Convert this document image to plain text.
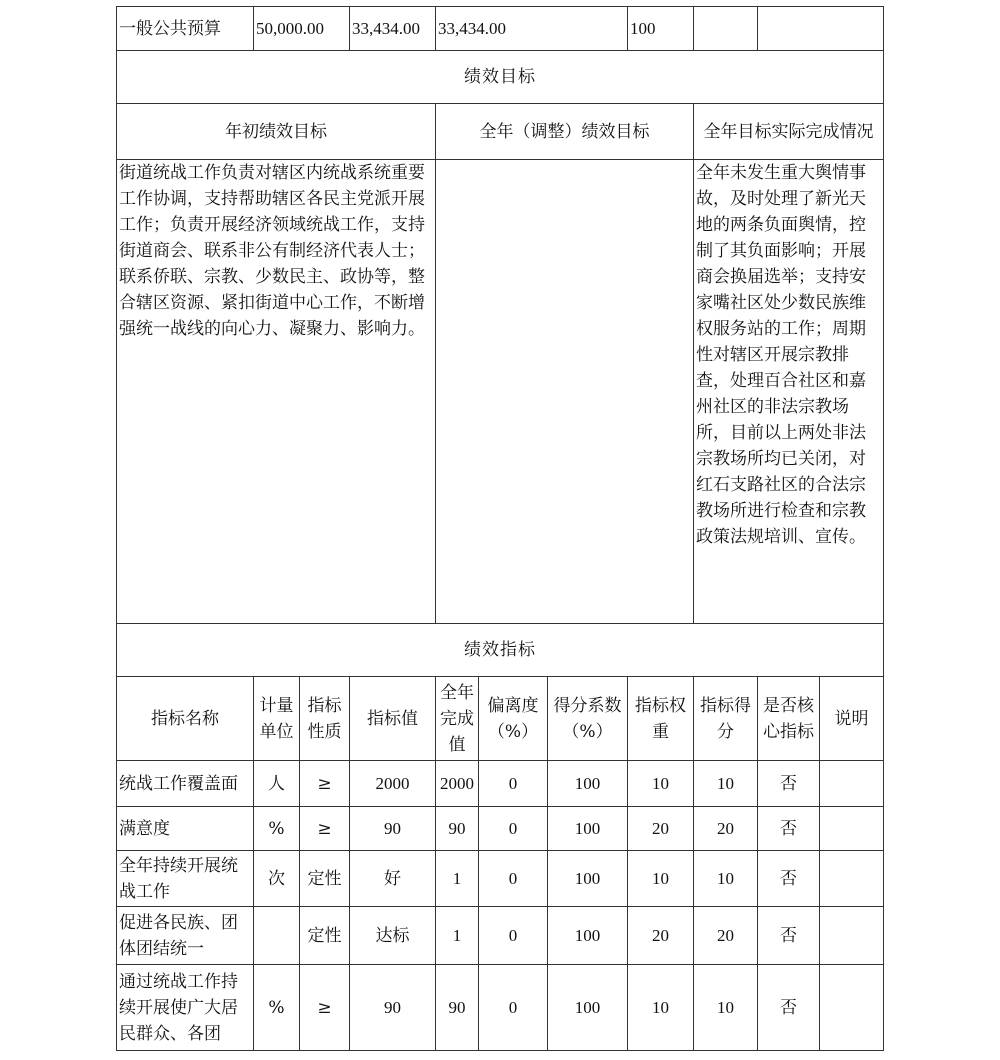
一般公共预算	50,000.00		33,434.00	33,434.00			100			
绩效目标										
年初绩效目标				全年（调整）绩效目标				全年目标实际完成情况		
街道统战工作负责对辖区内统战系统重要工作协调，支持帮助辖区各民主党派开展工作；负责开展经济领域统战工作，支持街道商会、联系非公有制经济代表人士；联系侨联、宗教、少数民主、政协等，整合辖区资源、紧扣街道中心工作，不断增强统一战线的向心力、凝聚力、影响力。								全年未发生重大舆情事故，及时处理了新光天地的两条负面舆情，控制了其负面影响；开展商会换届选举；支持安家嘴社区处少数民族维权服务站的工作；周期性对辖区开展宗教排查，处理百合社区和嘉州社区的非法宗教场所，目前以上两处非法宗教场所均已关闭，对红石支路社区的合法宗教场所进行检查和宗教政策法规培训、宣传。		
绩效指标										
指标名称	计量单位	指标性质	指标值	全年完成值	偏离度（%）	得分系数（%）	指标权重	指标得分	是否核心指标	说明
统战工作覆盖面	人	≥	2000	2000	0	100	10	10	否	
满意度	%	≥	90	90	0	100	20	20	否	
全年持续开展统战工作	次	定性	好	1	0	100	10	10	否	
促进各民族、团体团结统一		定性	达标	1	0	100	20	20	否	
通过统战工作持续开展使广大居民群众、各团	%	≥	90	90	0	100	10	10	否	
